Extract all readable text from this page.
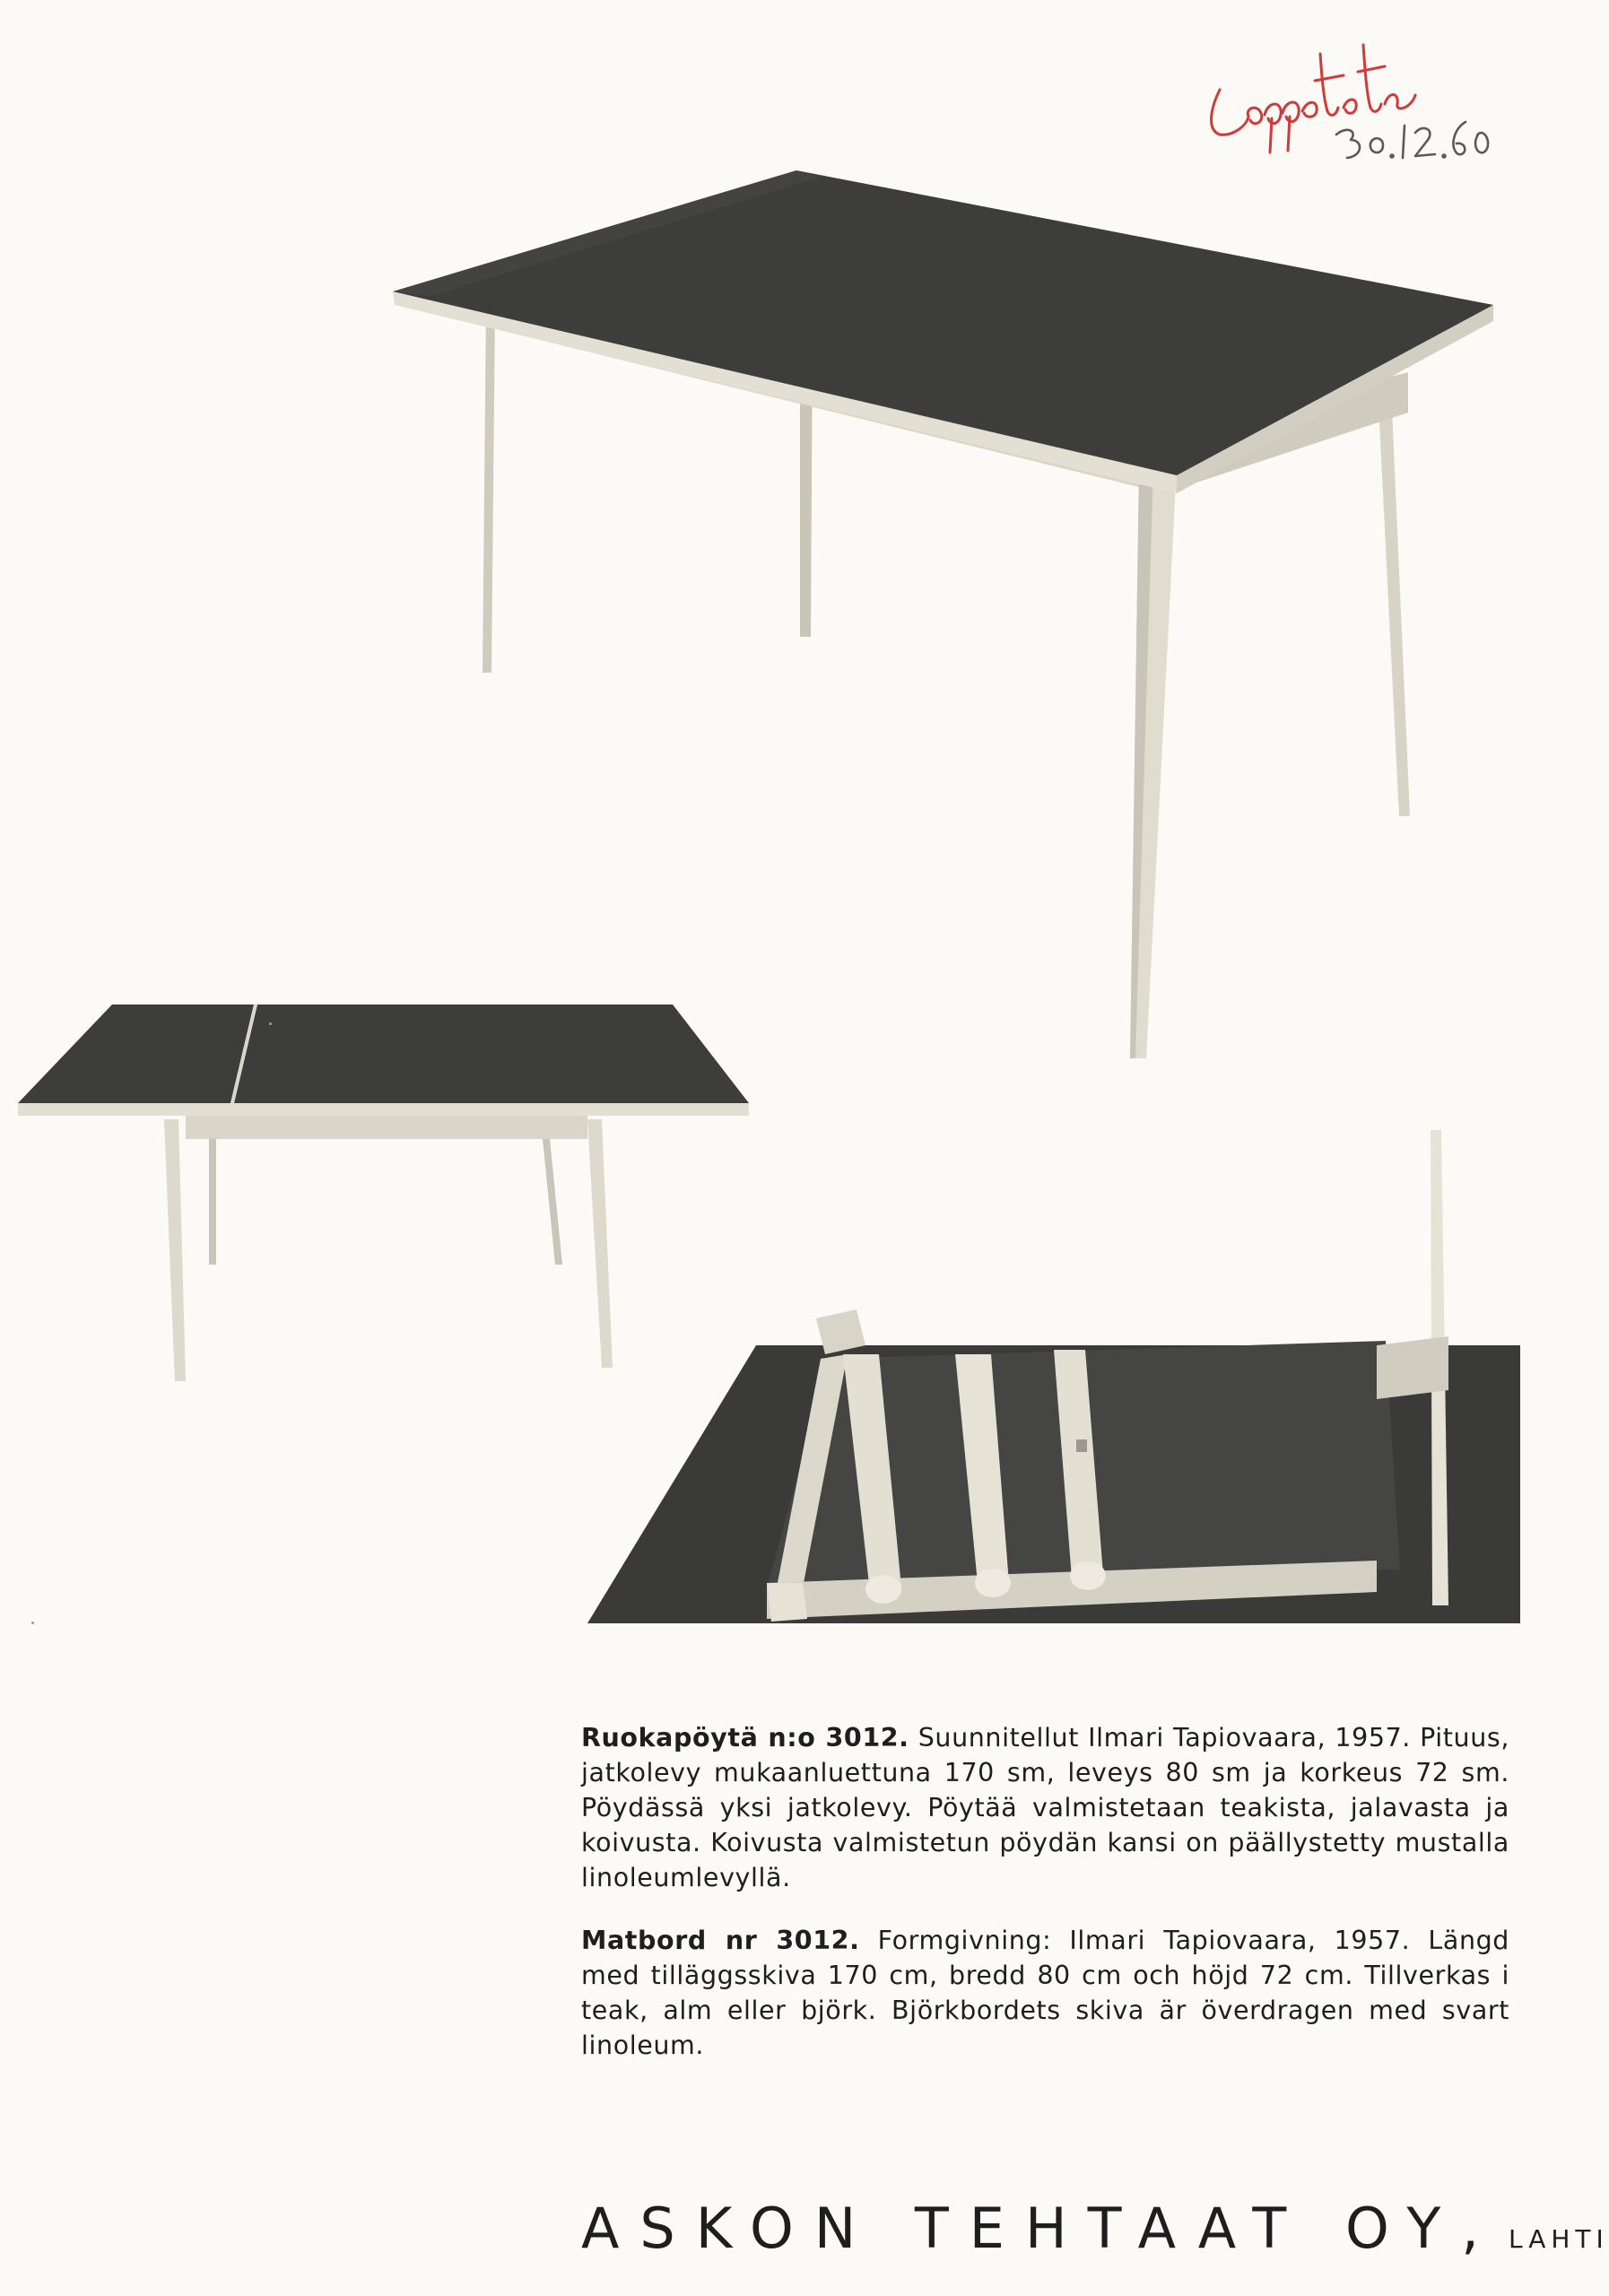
Ruokapöytä n:o 3012. Suunnitellut Ilmari Tapiovaara, 1957. Pituus, jatkolevy mukaanluettuna 170 sm, leveys 80 sm ja korkeus 72 sm. Pöydässä yksi jatkolevy. Pöytää valmistetaan teakista, jalavasta ja koivusta. Koivusta valmistetun pöydän kansi on päällystetty mustalla linoleumlevyllä.
Matbord nr 3012. Formgivning: Ilmari Tapiovaara, 1957. Längd med tilläggsskiva 170 cm, bredd 80 cm och höjd 72 cm. Tillverkas i teak, alm eller björk. Björkbordets skiva är överdragen med svart linoleum.
ASKON TEHTAAT OY, LAHTI
